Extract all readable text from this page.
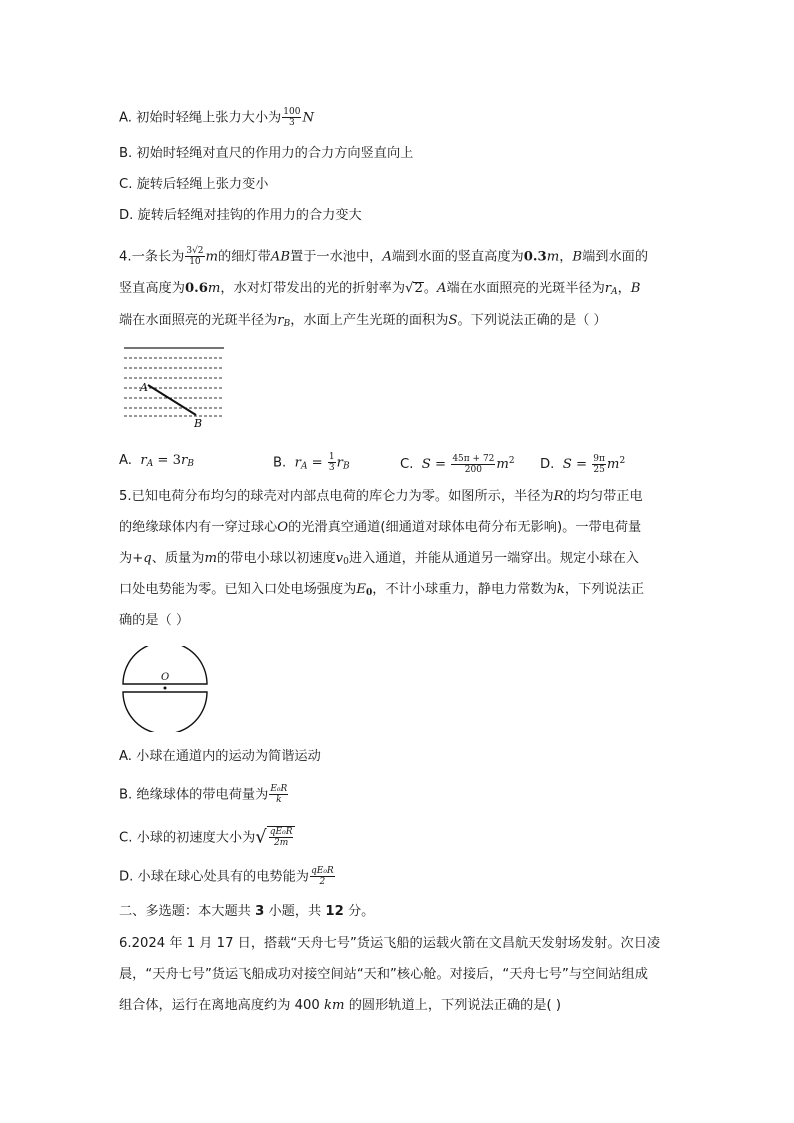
A. 初始时轻绳上张力大小为 $\frac{100}{3}$ N
B. 初始时轻绳对直尺的作用力的合力方向竖直向上
C. 旋转后轻绳上张力变小
D. 旋转后轻绳对挂钩的作用力的合力变大
4.一条长为 $\frac{3√2}{10}$ m的细灯带AB置于一水池中，A端到水面的竖直高度为0.3m，B端到水面的
竖直高度为0.6m，水对灯带发出的光的折射率为√2。A端在水面照亮的光斑半径为$r_A$，B
端在水面照亮的光斑半径为$r_B$，水面上产生光斑的面积为S。下列说法正确的是（ ）
A
B
A. $r_A = 3r_B$	B. $r_A = \frac{1}{3} r_B$	C. $S = \frac{45\pi + 72}{200} m^2$ D. $S = \frac{9\pi}{25} m^2$
5.已知电荷分布均匀的球壳对内部点电荷的库仑力为零。如图所示，半径为R的均匀带正电
的绝缘球体内有一穿过球心O的光滑真空通道(细通道对球体电荷分布无影响)。一带电荷量
为+q、质量为m的带电小球以初速度$v_0$进入通道，并能从通道另一端穿出。规定小球在入
口处电势能为零。已知入口处电场强度为$E_0$，不计小球重力，静电力常数为k，下列说法正
确的是（ ）
O
A. 小球在通道内的运动为简谐运动
B. 绝缘球体的带电荷量为 $\frac{\text{E₀R}}{k}$
C. 小球的初速度大小为√ $\frac{\text{qE₀R}}{2m}$
D. 小球在球心处具有的电势能为 $\frac{\text{qE₀R}}{2}$
二、多选题：本大题共 3 小题，共 12 分。
6.2024 年 1 月 17 日，搭载“天舟七号”货运飞船的运载火箭在文昌航天发射场发射。次日凌
晨，“天舟七号”货运飞船成功对接空间站“天和”核心舱。对接后，“天舟七号”与空间站组成
组合体，运行在离地高度约为 400 km 的圆形轨道上，下列说法正确的是( )
